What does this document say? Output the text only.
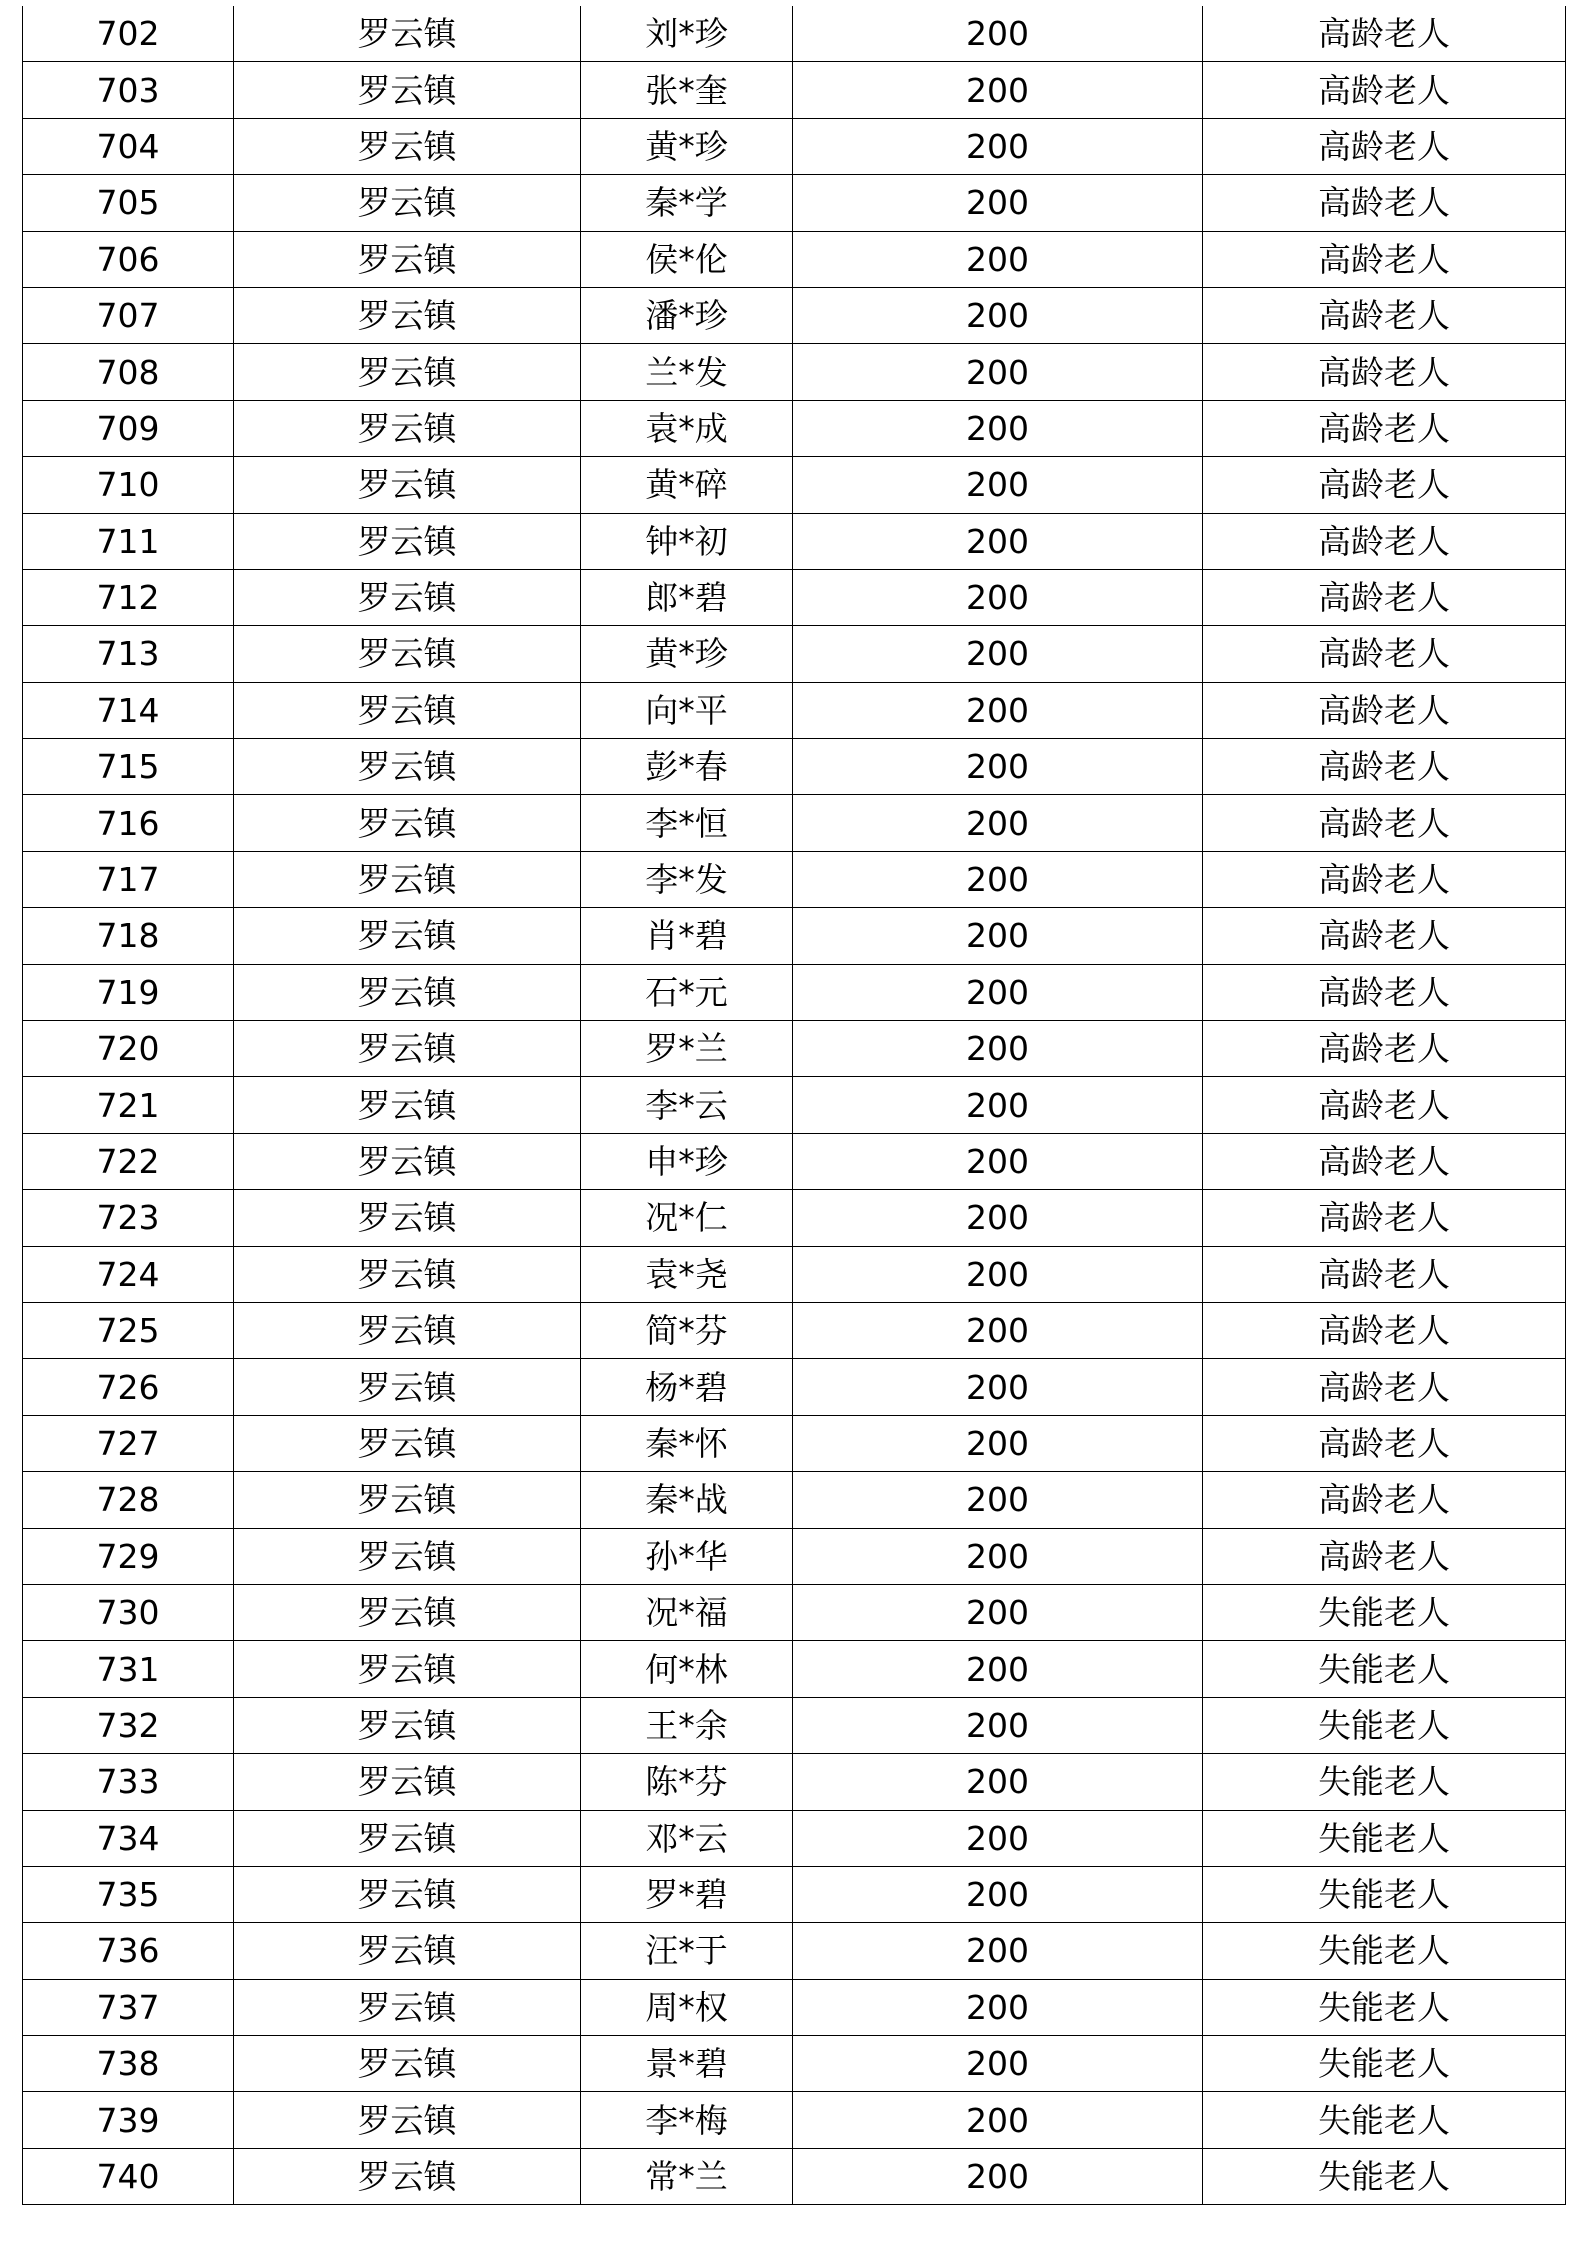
702	罗云镇	刘*珍	200	高龄老人
703	罗云镇	张*奎	200	高龄老人
704	罗云镇	黄*珍	200	高龄老人
705	罗云镇	秦*学	200	高龄老人
706	罗云镇	侯*伦	200	高龄老人
707	罗云镇	潘*珍	200	高龄老人
708	罗云镇	兰*发	200	高龄老人
709	罗云镇	袁*成	200	高龄老人
710	罗云镇	黄*碎	200	高龄老人
711	罗云镇	钟*初	200	高龄老人
712	罗云镇	郎*碧	200	高龄老人
713	罗云镇	黄*珍	200	高龄老人
714	罗云镇	向*平	200	高龄老人
715	罗云镇	彭*春	200	高龄老人
716	罗云镇	李*恒	200	高龄老人
717	罗云镇	李*发	200	高龄老人
718	罗云镇	肖*碧	200	高龄老人
719	罗云镇	石*元	200	高龄老人
720	罗云镇	罗*兰	200	高龄老人
721	罗云镇	李*云	200	高龄老人
722	罗云镇	申*珍	200	高龄老人
723	罗云镇	况*仁	200	高龄老人
724	罗云镇	袁*尧	200	高龄老人
725	罗云镇	简*芬	200	高龄老人
726	罗云镇	杨*碧	200	高龄老人
727	罗云镇	秦*怀	200	高龄老人
728	罗云镇	秦*战	200	高龄老人
729	罗云镇	孙*华	200	高龄老人
730	罗云镇	况*福	200	失能老人
731	罗云镇	何*林	200	失能老人
732	罗云镇	王*余	200	失能老人
733	罗云镇	陈*芬	200	失能老人
734	罗云镇	邓*云	200	失能老人
735	罗云镇	罗*碧	200	失能老人
736	罗云镇	汪*于	200	失能老人
737	罗云镇	周*权	200	失能老人
738	罗云镇	景*碧	200	失能老人
739	罗云镇	李*梅	200	失能老人
740	罗云镇	常*兰	200	失能老人
